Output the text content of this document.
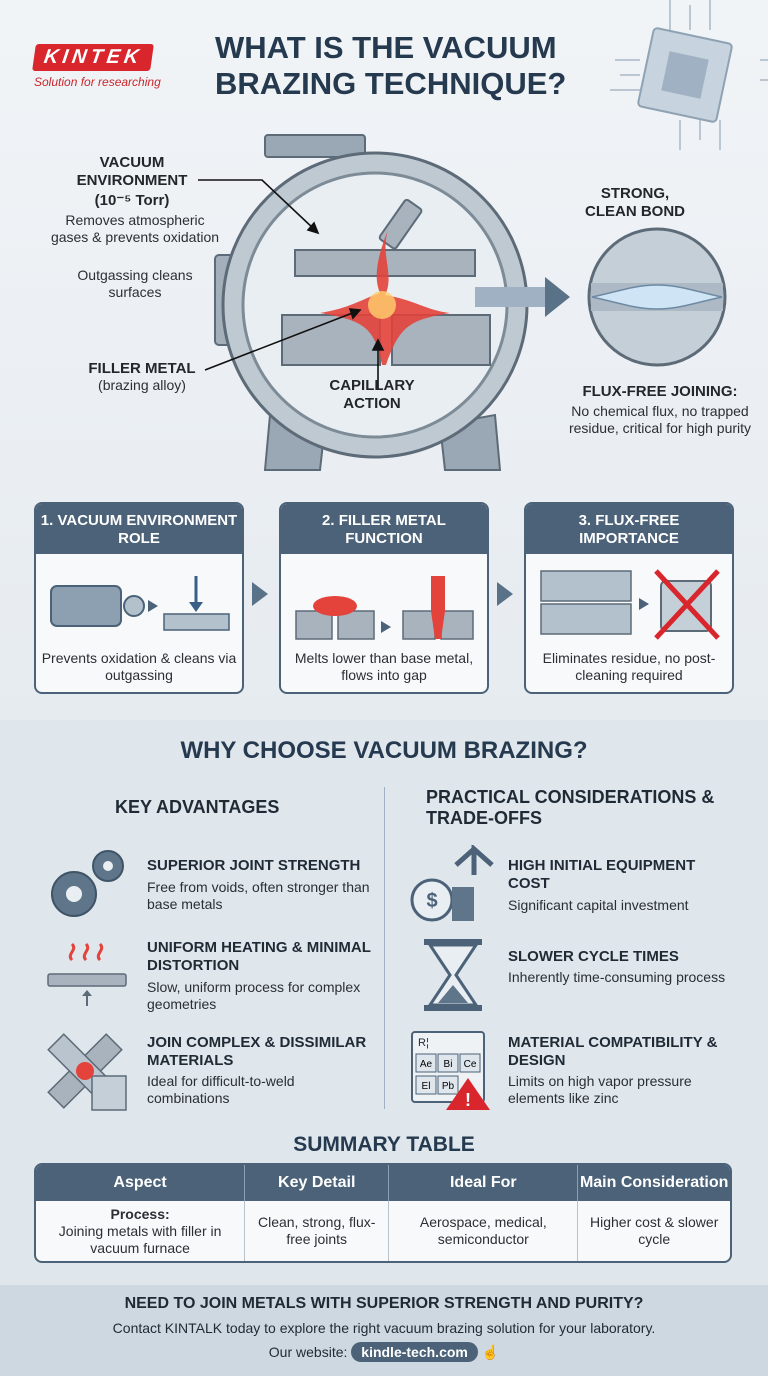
KINTEK
Solution for researching
WHAT IS THE VACUUM BRAZING TECHNIQUE?
VACUUM ENVIRONMENT
(10⁻⁵ Torr)
Removes atmospheric gases & prevents oxidation
Outgassing cleans surfaces
FILLER METAL
(brazing alloy)	CAPILLARY ACTION
STRONG, CLEAN BOND
FLUX-FREE JOINING:
No chemical flux, no trapped residue, critical for high purity
1. VACUUM ENVIRONMENT ROLE
Prevents oxidation & cleans via outgassing
2. FILLER METAL FUNCTION
Melts lower than base metal, flows into gap
3. FLUX-FREE IMPORTANCE
Eliminates residue, no post-cleaning required
WHY CHOOSE VACUUM BRAZING?
KEY ADVANTAGES
SUPERIOR JOINT STRENGTH
Free from voids, often stronger than base metals
UNIFORM HEATING & MINIMAL DISTORTION
Slow, uniform process for complex geometries
JOIN COMPLEX & DISSIMILAR MATERIALS
Ideal for difficult-to-weld combinations
PRACTICAL CONSIDERATIONS & TRADE-OFFS
$
HIGH INITIAL EQUIPMENT COST
Significant capital investment
SLOWER CYCLE TIMES
Inherently time-consuming process
R¦
Ae Bi Ce
El Pb
!
MATERIAL COMPATIBILITY & DESIGN
Limits on high vapor pressure elements like zinc
SUMMARY TABLE
Aspect	Key Detail	Ideal For	Main Consideration

Process:
Joining metals with filler in vacuum furnace	Clean, strong, flux-free joints	Aerospace, medical, semiconductor	Higher cost & slower cycle
NEED TO JOIN METALS WITH SUPERIOR STRENGTH AND PURITY?
Contact KINTALK today to explore the right vacuum brazing solution for your laboratory.
Our website: kindle-tech.com ☝
